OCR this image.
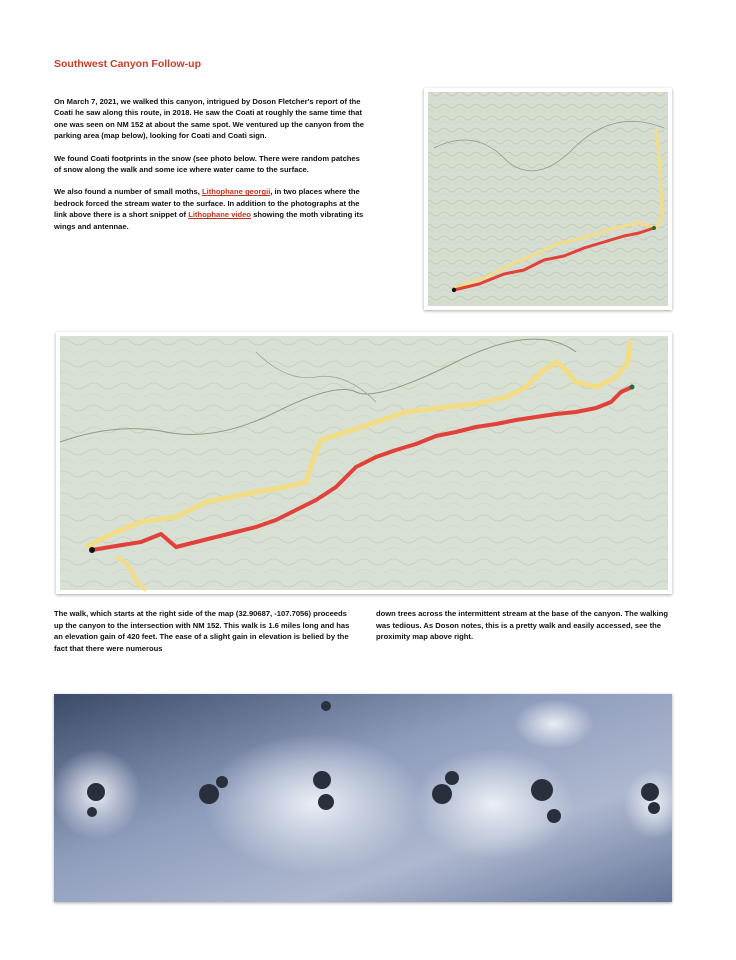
Southwest Canyon Follow-up

On March 7, 2021, we walked this canyon, intrigued by Doson Fletcher's report of the Coati he saw along this route, in 2018. He saw the Coati at roughly the same time that one was seen on NM 152 at about the same spot. We ventured up the canyon from the parking area (map below), looking for Coati and Coati sign.

We found Coati footprints in the snow (see photo below. There were random patches of snow along the walk and some ice where water came to the surface.

We also found a number of small moths, Lithophane georgii, in two places where the bedrock forced the stream water to the surface. In addition to the photographs at the link above there is a short snippet of Lithophane video showing the moth vibrating its wings and antennae.

The walk, which starts at the right side of the map (32.90687, -107.7056) proceeds up the canyon to the intersection with NM 152. This walk is 1.6 miles long and has an elevation gain of 420 feet. The ease of a slight gain in elevation is belied by the fact that there were numerous

down trees across the intermittent stream at the base of the canyon. The walking was tedious. As Doson notes, this is a pretty walk and easily accessed, see the proximity map above right.
